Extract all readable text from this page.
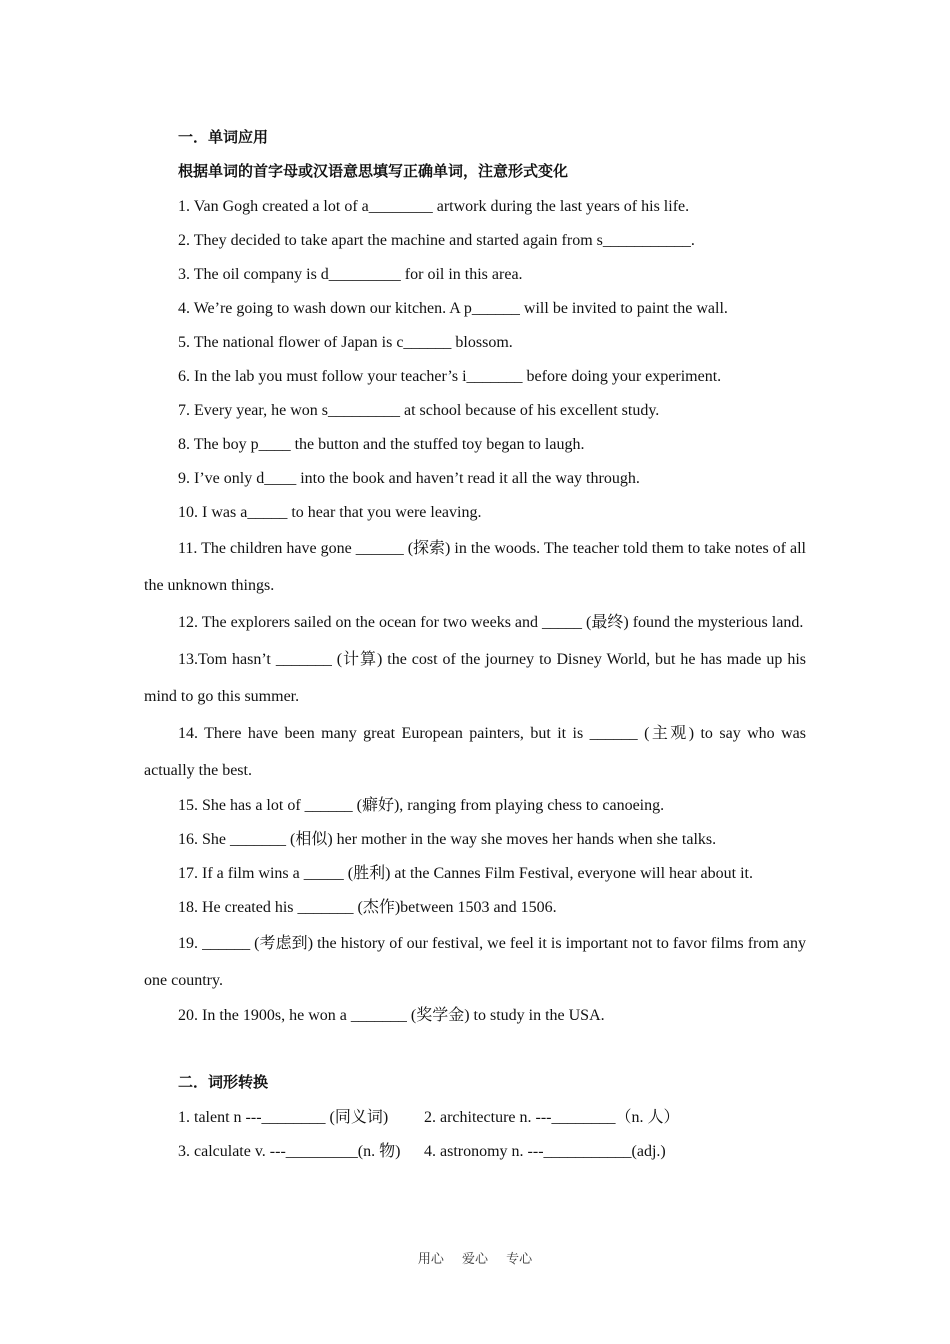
一．单词应用
根据单词的首字母或汉语意思填写正确单词，注意形式变化

1. Van Gogh created a lot of a________ artwork during the last years of his life.

2. They decided to take apart the machine and started again from s___________.

3. The oil company is d_________ for oil in this area.

4. We’re going to wash down our kitchen. A p______ will be invited to paint the wall.

5. The national flower of Japan is c______ blossom.

6. In the lab you must follow your teacher’s i_______ before doing your experiment.

7. Every year, he won s_________ at school because of his excellent study.

8. The boy p____ the button and the stuffed toy began to laugh.

9. I’ve only d____ into the book and haven’t read it all the way through.

10. I was a_____ to hear that you were leaving.

11. The children have gone ______ (探索) in the woods. The teacher told them to take notes of all the unknown things.

12. The explorers sailed on the ocean for two weeks and _____ (最终) found the mysterious land.

13.Tom hasn’t _______ (计算) the cost of the journey to Disney World, but he has made up his mind to go this summer.

14. There have been many great European painters, but it is ______ (主观) to say who was actually the best.

15. She has a lot of ______ (癖好), ranging from playing chess to canoeing.

16. She _______ (相似) her mother in the way she moves her hands when she talks.

17. If a film wins a _____ (胜利) at the Cannes Film Festival, everyone will hear about it.

18. He created his _______ (杰作)between 1503 and 1506.

19. ______ (考虑到) the history of our festival, we feel it is important not to favor films from any one country.

20. In the 1900s, he won a _______ (奖学金) to study in the USA.

二．词形转换
1. talent n ---________ (同义词) 2. architecture n. ---________（n. 人）
3. calculate v. ---_________(n. 物) 4. astronomy n. ---___________(adj.)
用心 爱心 专心
